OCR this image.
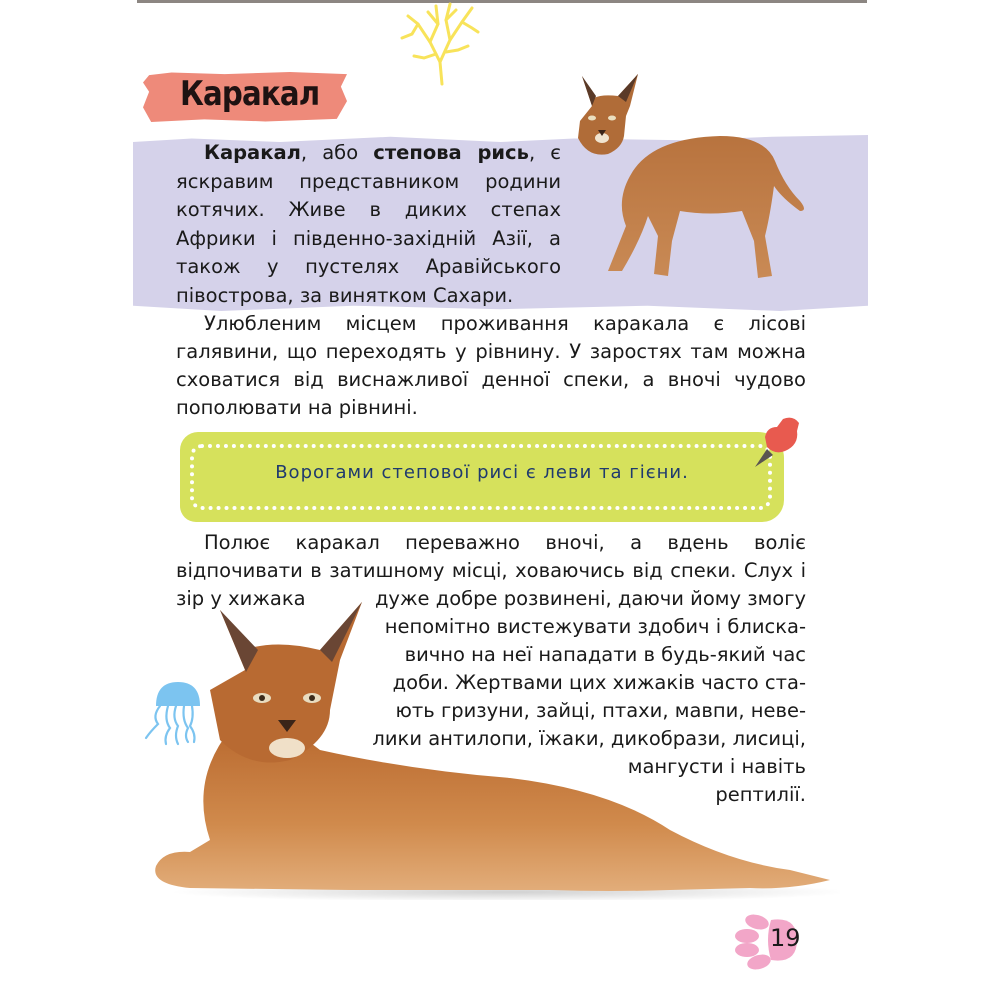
Каракал
Каракал, або степова рись, є яскравим представником родини котячих. Живе в диких степах Африки і південно-західній Азії, а також у пустелях Аравійського півострова, за винятком Сахари.
Улюбленим місцем проживання каракала є лісові галявини, що переходять у рівнину. У заростях там можна сховатися від виснажливої денної спеки, а вночі чудово пополювати на рівнині.
Ворогами степової рисі є леви та гієни.
Полює каракал переважно вночі, а вдень воліє відпочивати в затишному місці, ховаючись від спеки. Слух і зір у хижака	дуже добре розвинені, даючи йому змогу
непомітно вистежувати здобич і блиска-
вично на неї нападати в будь-який час
доби. Жертвами цих хижаків часто ста-
ють гризуни, зайці, птахи, мавпи, неве-
лики антилопи, їжаки, дикобрази, лисиці,
мангусти і навіть
рептилії.
19
